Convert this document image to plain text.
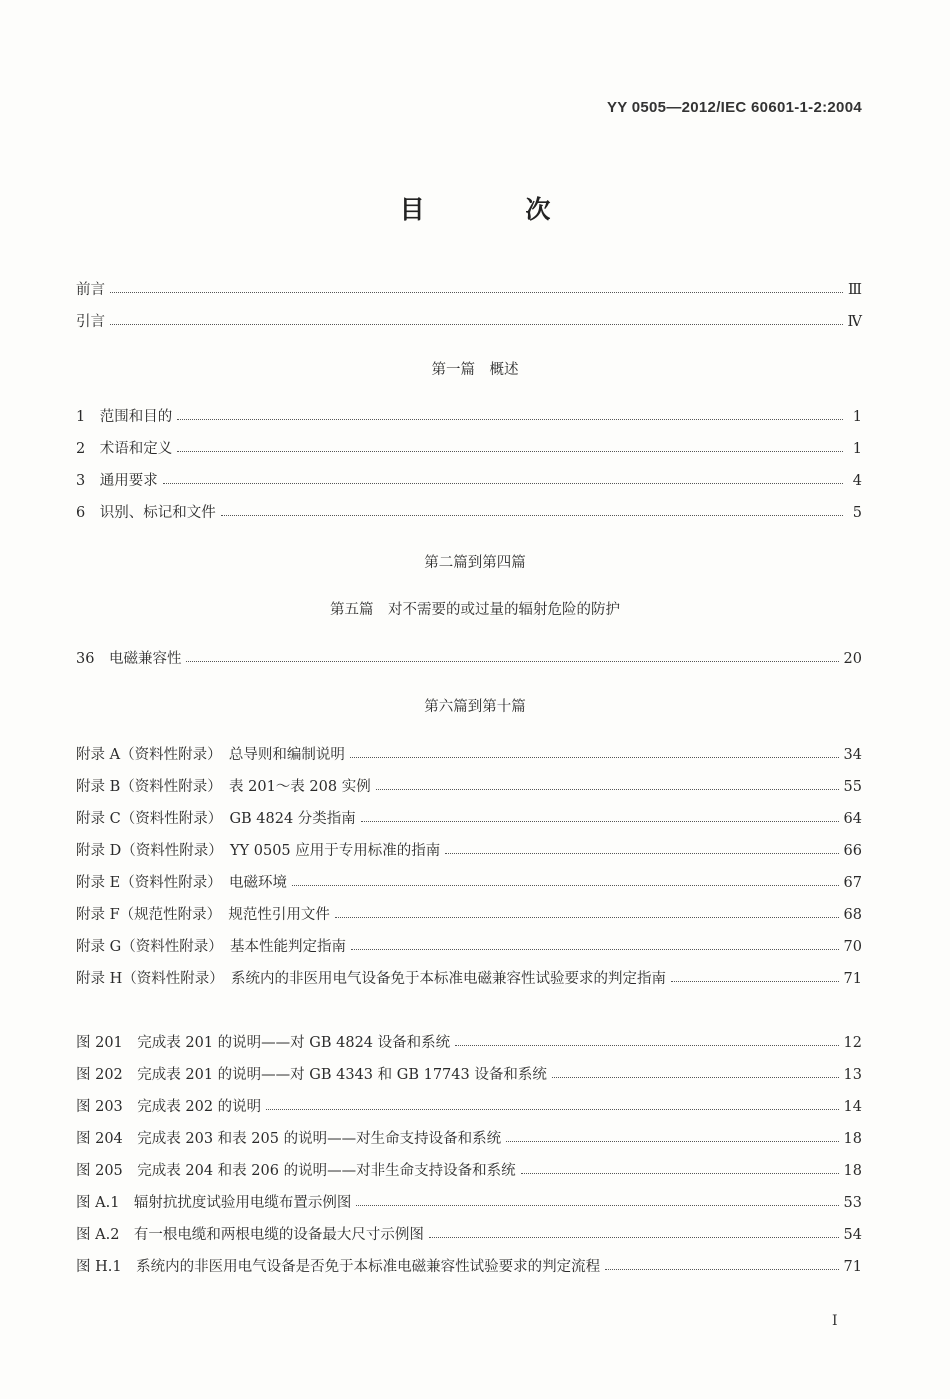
YY 0505—2012/IEC 60601-1-2:2004
目 次
前言	Ⅲ
引言	Ⅳ
第一篇　概述
1　范围和目的	1
2　术语和定义	1
3　通用要求	4
6　识别、标记和文件	5
第二篇到第四篇
第五篇　对不需要的或过量的辐射危险的防护
36　电磁兼容性	20
第六篇到第十篇
附录 A（资料性附录）　总导则和编制说明	34
附录 B（资料性附录）　表 201～表 208 实例	55
附录 C（资料性附录）　GB 4824 分类指南	64
附录 D（资料性附录）　YY 0505 应用于专用标准的指南	66
附录 E（资料性附录）　电磁环境	67
附录 F（规范性附录）　规范性引用文件	68
附录 G（资料性附录）　基本性能判定指南	70
附录 H（资料性附录）　系统内的非医用电气设备免于本标准电磁兼容性试验要求的判定指南	71
图 201　完成表 201 的说明——对 GB 4824 设备和系统	12
图 202　完成表 201 的说明——对 GB 4343 和 GB 17743 设备和系统	13
图 203　完成表 202 的说明	14
图 204　完成表 203 和表 205 的说明——对生命支持设备和系统	18
图 205　完成表 204 和表 206 的说明——对非生命支持设备和系统	18
图 A.1　辐射抗扰度试验用电缆布置示例图	53
图 A.2　有一根电缆和两根电缆的设备最大尺寸示例图	54
图 H.1　系统内的非医用电气设备是否免于本标准电磁兼容性试验要求的判定流程	71
I
